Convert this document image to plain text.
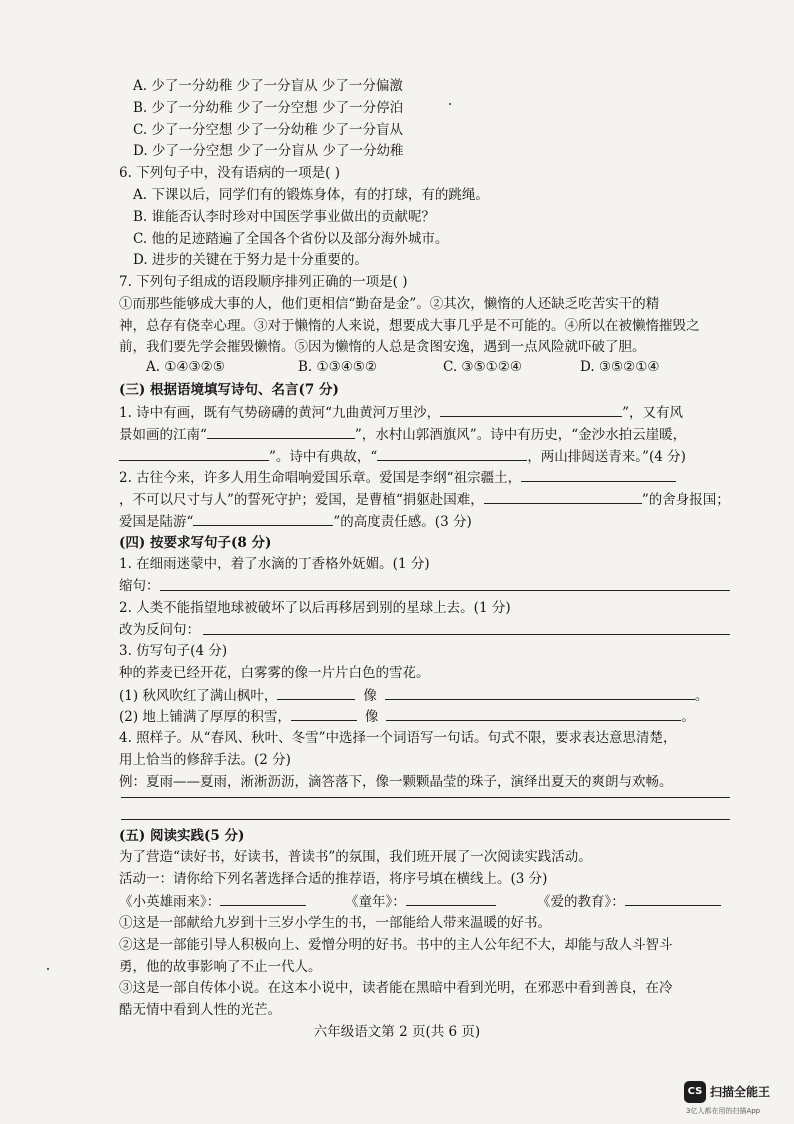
A. 少了一分幼稚 少了一分盲从 少了一分偏激
B. 少了一分幼稚 少了一分空想 少了一分停泊
C. 少了一分空想 少了一分幼稚 少了一分盲从
D. 少了一分空想 少了一分盲从 少了一分幼稚
6. 下列句子中，没有语病的一项是( )
A. 下课以后，同学们有的锻炼身体，有的打球，有的跳绳。
B. 谁能否认李时珍对中国医学事业做出的贡献呢？
C. 他的足迹踏遍了全国各个省份以及部分海外城市。
D. 进步的关键在于努力是十分重要的。
7. 下列句子组成的语段顺序排列正确的一项是( )
①而那些能够成大事的人，他们更相信“勤奋是金”。②其次，懒惰的人还缺乏吃苦实干的精
神，总存有侥幸心理。③对于懒惰的人来说，想要成大事几乎是不可能的。④所以在被懒惰摧毁之
前，我们要先学会摧毁懒惰。⑤因为懒惰的人总是贪图安逸，遇到一点风险就吓破了胆。
A. ①④③②⑤	B. ①③④⑤②	C. ③⑤①②④	D. ③⑤②①④
(三) 根据语境填写诗句、名言(7 分)
1. 诗中有画，既有气势磅礴的黄河“九曲黄河万里沙，	”，又有风
景如画的江南“	”，水村山郭酒旗风”。诗中有历史，“金沙水拍云崖暖，
”。诗中有典故，“	，两山排闼送青来。”(4 分)
2. 古往今来，许多人用生命唱响爱国乐章。爱国是李纲“祖宗疆土，
，不可以尺寸与人”的誓死守护；爱国，是曹植“捐躯赴国难，	”的舍身报国；
爱国是陆游“	”的高度责任感。(3 分)
(四) 按要求写句子(8 分)
1. 在细雨迷蒙中，着了水滴的丁香格外妩媚。(1 分)
缩句：
2. 人类不能指望地球被破坏了以后再移居到别的星球上去。(1 分)
改为反问句：
3. 仿写句子(4 分)
种的荞麦已经开花，白雾雾的像一片片白色的雪花。
(1) 秋风吹红了满山枫叶，	像	。
(2) 地上铺满了厚厚的积雪，	像	。
4. 照样子。从“春风、秋叶、冬雪”中选择一个词语写一句话。句式不限，要求表达意思清楚，
用上恰当的修辞手法。(2 分)
例：夏雨——夏雨，淅淅沥沥，滴答落下，像一颗颗晶莹的珠子，演绎出夏天的爽朗与欢畅。
(五) 阅读实践(5 分)
为了营造“读好书，好读书，普读书”的氛围，我们班开展了一次阅读实践活动。
活动一：请你给下列名著选择合适的推荐语，将序号填在横线上。(3 分)
《小英雄雨来》：	《童年》：	《爱的教育》：
①这是一部献给九岁到十三岁小学生的书，一部能给人带来温暖的好书。
②这是一部能引导人积极向上、爱憎分明的好书。书中的主人公年纪不大，却能与敌人斗智斗
勇，他的故事影响了不止一代人。
③这是一部自传体小说。在这本小说中，读者能在黑暗中看到光明，在邪恶中看到善良，在冷
酷无情中看到人性的光芒。
六年级语文第 2 页(共 6 页)
CS 扫描全能王
3亿人都在用的扫描App
